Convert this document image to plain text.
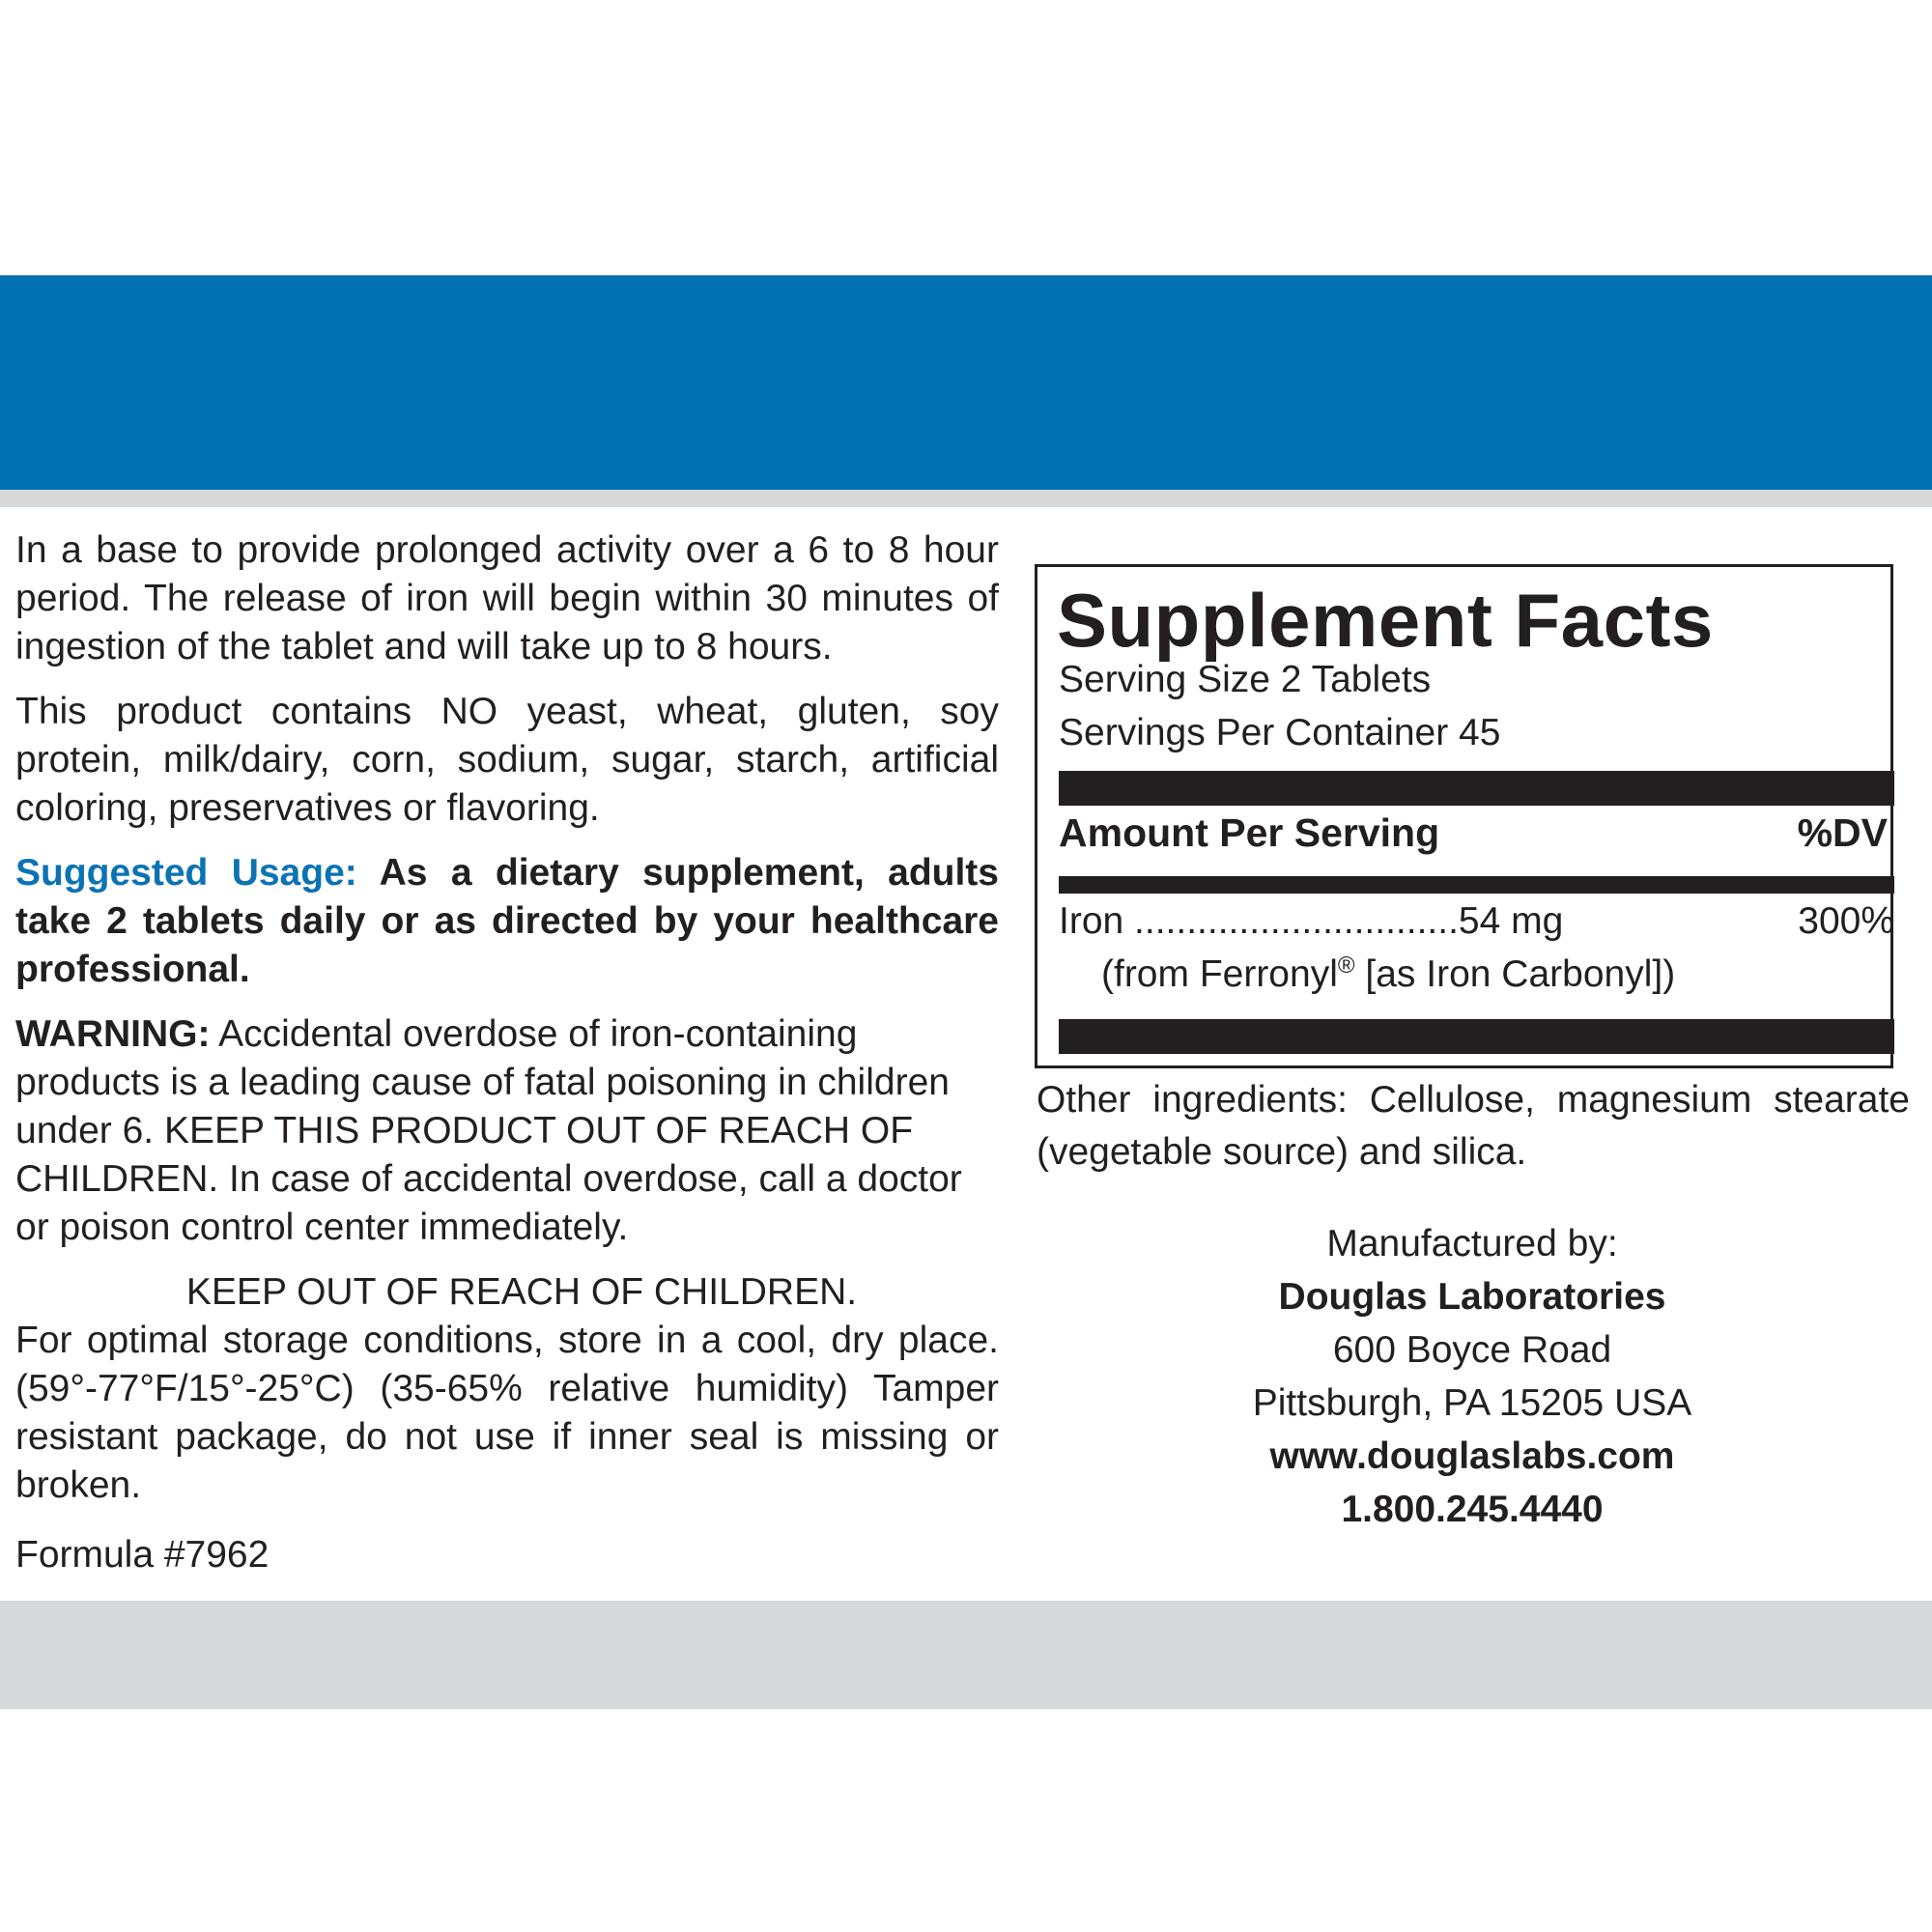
In a base to provide prolonged activity over a 6 to 8 hour period. The release of iron will begin within 30 minutes of ingestion of the tablet and will take up to 8 hours.

This product contains NO yeast, wheat, gluten, soy protein, milk/dairy, corn, sodium, sugar, starch, artificial coloring, preservatives or flavoring.

Suggested Usage: As a dietary supplement, adults take 2 tablets daily or as directed by your healthcare professional.

WARNING: Accidental overdose of iron-containing products is a leading cause of fatal poisoning in children under 6. KEEP THIS PRODUCT OUT OF REACH OF CHILDREN. In case of accidental overdose, call a doctor or poison control center immediately.

KEEP OUT OF REACH OF CHILDREN.

For optimal storage conditions, store in a cool, dry place. (59°-77°F/15°-25°C) (35-65% relative humidity) Tamper resistant package, do not use if inner seal is missing or broken.

Formula #7962

Supplement Facts
Serving Size 2 Tablets
Servings Per Container 45
Amount Per Serving	%DV
Iron ...............................54 mg	300%
(from Ferronyl® [as Iron Carbonyl])

Other ingredients: Cellulose, magnesium stearate (vegetable source) and silica.

Manufactured by:
Douglas Laboratories
600 Boyce Road
Pittsburgh, PA 15205 USA
www.douglaslabs.com
1.800.245.4440
